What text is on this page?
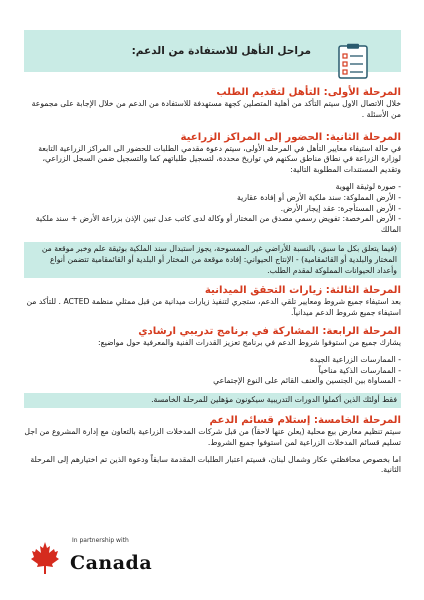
مراحل التأهل للاستفادة من الدعم:

المرحلة الأولى: التأهل لتقديم الطلب

خلال الاتصال الاول سيتم التأكد من أهلية المتصلين كجهة مستهدفة للاستفادة من الدعم من خلال الإجابة على مجموعة من الأسئلة .

المرحلة الثانية: الحضور إلى المراكز الزراعية

في حالة استيفاء معايير التأهل في المرحلة الأولى، سيتم دعوة مقدمي الطلبات للحضور الى المراكز الزراعية التابعة لوزارة الزراعة في نطاق مناطق سكنهم في تواريخ محددة، لتسجيل طلباتهم كما والتسجيل ضمن السجل الزراعي، وتقديم المستندات المطلوبة التالية:

- صورة لوثيقة الهوية
- الأرض المملوكة: سند ملكية الأرض أو إفادة عقارية
- الأرض المستأجرة: عقد إيجار الأرض.
- الأرض المرخصة: تفويض رسمي مصدق من المختار أو وكالة لدى كاتب عدل تبين الإذن بزراعة الأرض + سند ملكية المالك
(فيما يتعلق بكل ما سبق، بالنسبة للأراضي غير الممسوحة، يجوز استبدال سند الملكية بوثيقة علم وخبر موقعة من المختار والبلدية أو القائمقامية) - الإنتاج الحيواني: إفادة موقعة من المختار أو البلدية أو القائمقامية تتضمن أنواع وأعداد الحيوانات المملوكة لمقدم الطلب.

المرحلة الثالثة: زيارات التحقق الميدانية

بعد استيفاء جميع شروط ومعايير تلقي الدعم، ستجري لتنفيذ زيارات ميدانية من قبل ممثلي منظمة ACTED . للتأكد من استيفاء جميع شروط الدعم ميدانياً.

المرحلة الرابعة: المشاركة في برنامج تدريبي ارشادي

يشارك جميع من استوفوا شروط الدعم في برنامج تعزيز القدرات الفنية والمعرفية حول مواضيع:

- الممارسات الزراعية الجيدة
- الممارسات الذكية مناخياً
- المساواة بين الجنسين والعنف القائم على النوع الإجتماعي
فقط أولئك الذين أكملوا الدورات التدريبية سيكونون مؤهلين للمرحلة الخامسة.

المرحلة الخامسة: إستلام قسائم الدعم

سيتم تنظيم معارض بيع محلية (يعلن عنها لاحقاً) من قبل شركات المدخلات الزراعية بالتعاون مع إدارة المشروع من اجل تسليم قسائم المدخلات الزراعية لمن استوفوا جميع الشروط.

اما بخصوص محافظتي عكار وشمال لبنان، فسيتم اعتبار الطلبات المقدمة سابقاً ودعوة الذين تم اختيارهم إلى المرحلة الثانية.

In partnership with
Canada
